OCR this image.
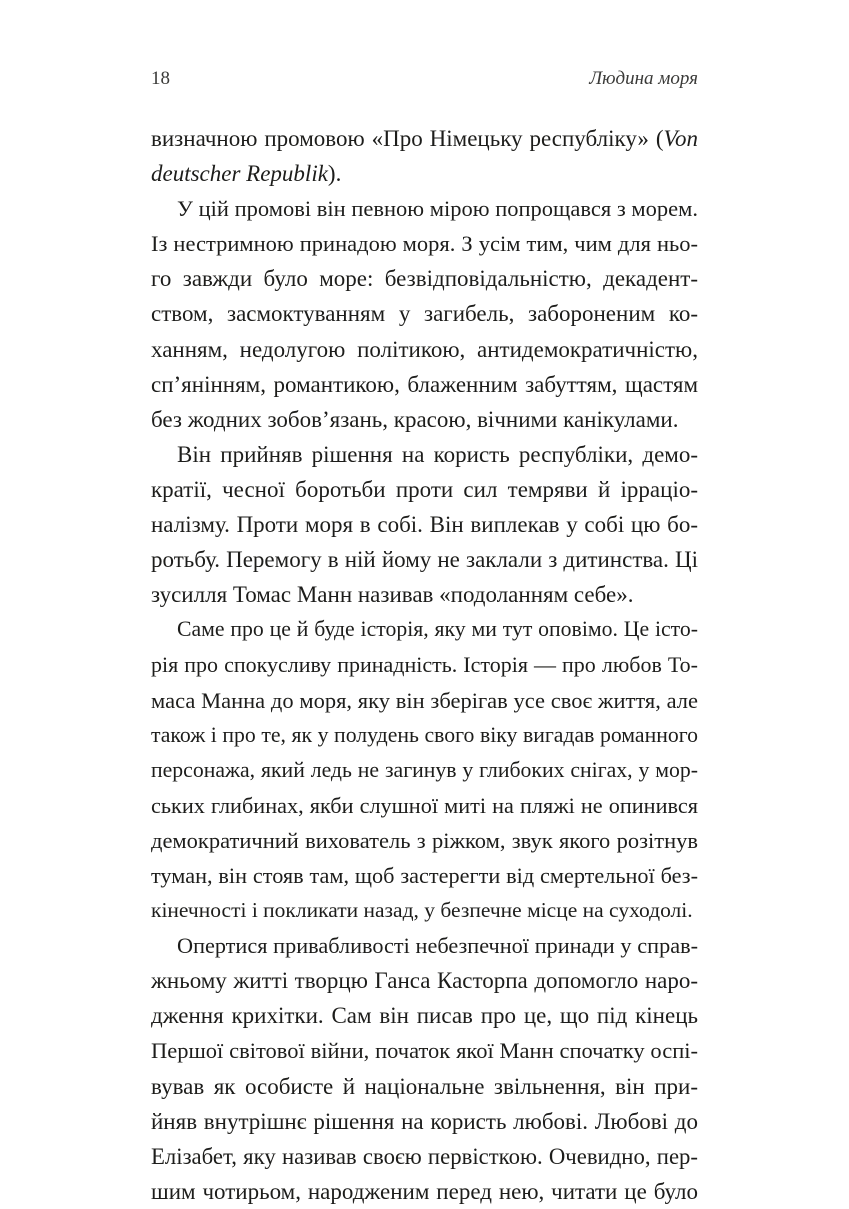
18	Людина моря
визначною промовою «Про Німецьку республіку» (Von
deutscher Republik).
У цій промові він певною мірою попрощався з морем.
Із нестримною принадою моря. З усім тим, чим для ньо-
го завжди було море: безвідповідальністю, декадент-
ством, засмоктуванням у загибель, забороненим ко-
ханням, недолугою політикою, антидемократичністю,
сп’янінням, романтикою, блаженним забуттям, щастям
без жодних зобов’язань, красою, вічними канікулами.
Він прийняв рішення на користь республіки, демо-
кратії, чесної боротьби проти сил темряви й ірраціо-
налізму. Проти моря в собі. Він виплекав у собі цю бо-
ротьбу. Перемогу в ній йому не заклали з дитинства. Ці
зусилля Томас Манн називав «подоланням себе».
Саме про це й буде історія, яку ми тут оповімо. Це істо-
рія про спокусливу принадність. Історія — про любов То-
маса Манна до моря, яку він зберігав усе своє життя, але
також і про те, як у полудень свого віку вигадав романного
персонажа, який ледь не загинув у глибоких снігах, у мор-
ських глибинах, якби слушної миті на пляжі не опинився
демократичний вихователь з ріжком, звук якого розітнув
туман, він стояв там, щоб застерегти від смертельної без-
кінечності і покликати назад, у безпечне місце на суходолі.
Опертися привабливості небезпечної принади у справ-
жньому житті творцю Ганса Касторпа допомогло наро-
дження крихітки. Сам він писав про це, що під кінець
Першої світової війни, початок якої Манн спочатку оспі-
вував як особисте й національне звільнення, він при-
йняв внутрішнє рішення на користь любові. Любові до
Елізабет, яку називав своєю первісткою. Очевидно, пер-
шим чотирьом, народженим перед нею, читати це було
